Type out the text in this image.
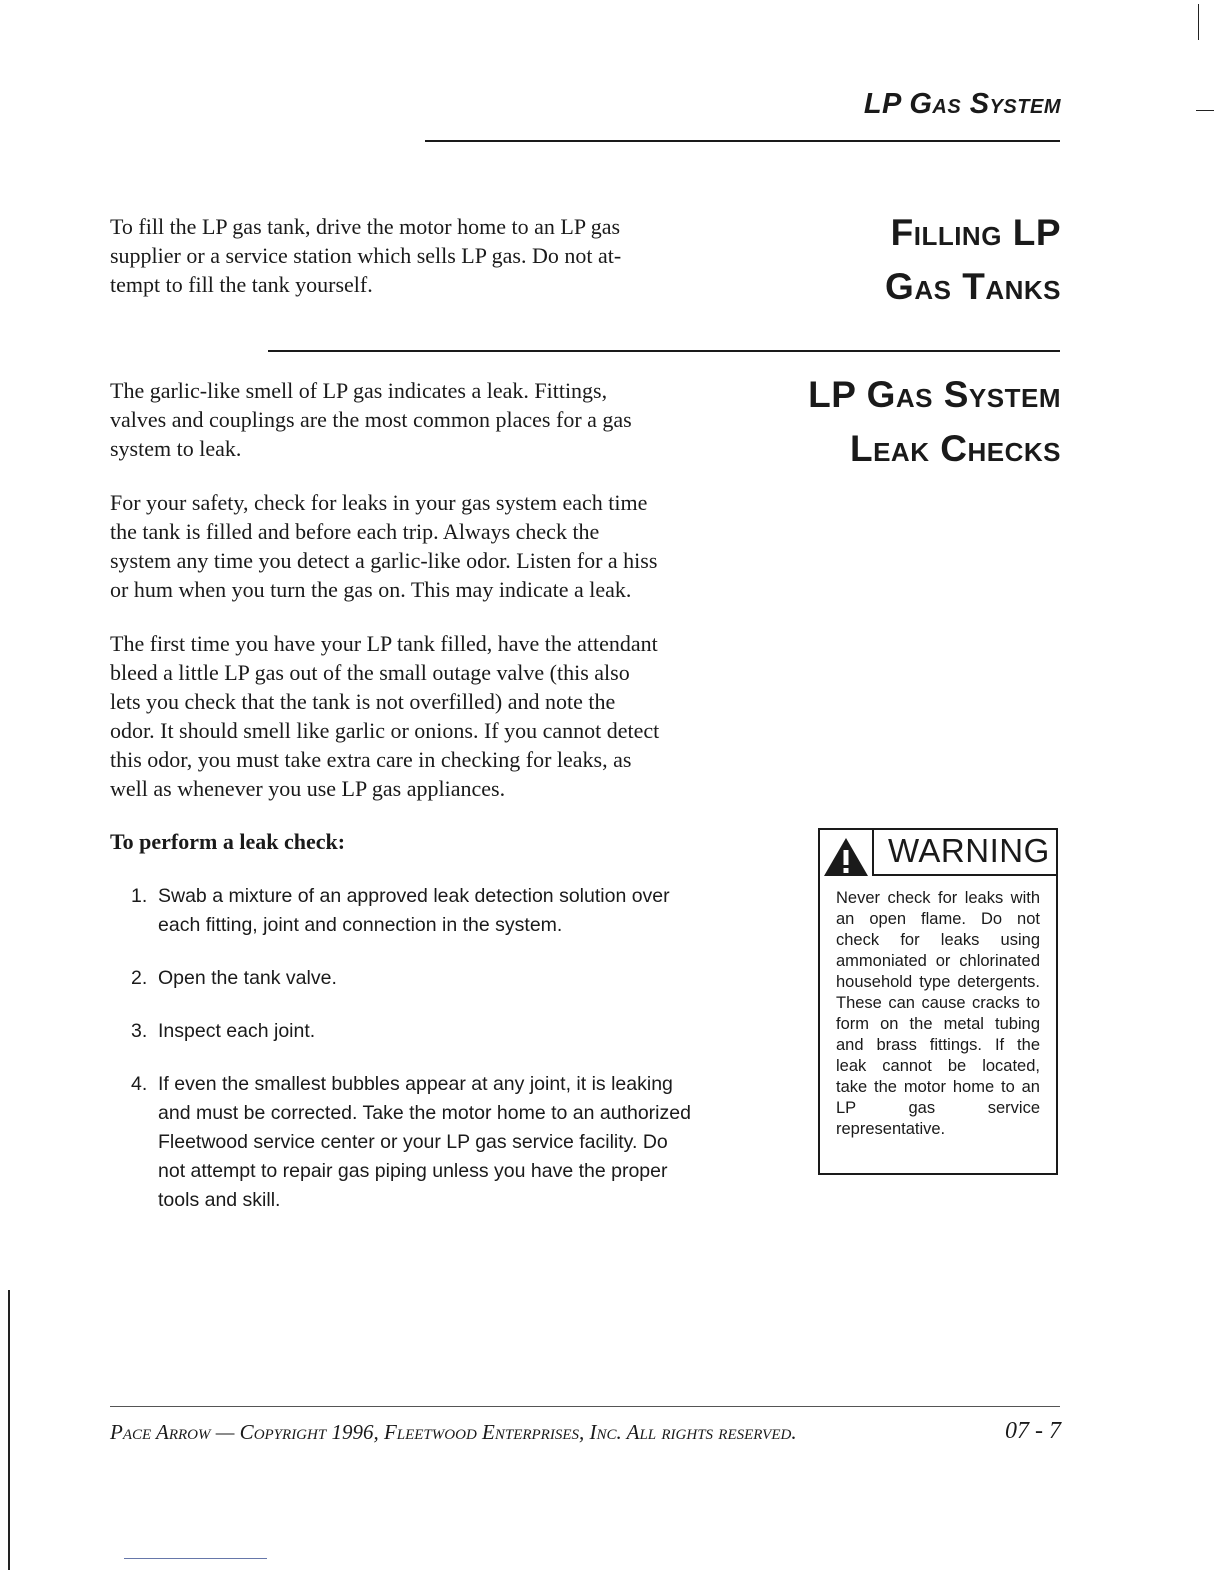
LP Gas System

To fill the LP gas tank, drive the motor home to an LP gas
supplier or a service station which sells LP gas. Do not at-
tempt to fill the tank yourself.

Filling LP
Gas Tanks
LP Gas System
Leak Checks

The garlic-like smell of LP gas indicates a leak. Fittings,
valves and couplings are the most common places for a gas
system to leak.

For your safety, check for leaks in your gas system each time
the tank is filled and before each trip. Always check the
system any time you detect a garlic-like odor. Listen for a hiss
or hum when you turn the gas on. This may indicate a leak.

The first time you have your LP tank filled, have the attendant
bleed a little LP gas out of the small outage valve (this also
lets you check that the tank is not overfilled) and note the
odor. It should smell like garlic or onions. If you cannot detect
this odor, you must take extra care in checking for leaks, as
well as whenever you use LP gas appliances.

To perform a leak check:

1. Swab a mixture of an approved leak detection solution over
each fitting, joint and connection in the system.
2. Open the tank valve.
3. Inspect each joint.
4. If even the smallest bubbles appear at any joint, it is leaking
and must be corrected. Take the motor home to an authorized
Fleetwood service center or your LP gas service facility. Do
not attempt to repair gas piping unless you have the proper
tools and skill.
WARNING

Never check for leaks with an open flame. Do not check for leaks using ammoniated or chlorinated household type detergents. These can cause cracks to form on the metal tubing and brass fittings. If the leak cannot be located, take the motor home to an LP gas service representative.

Pace Arrow — Copyright 1996, Fleetwood Enterprises, Inc. All rights reserved.	07 - 7
